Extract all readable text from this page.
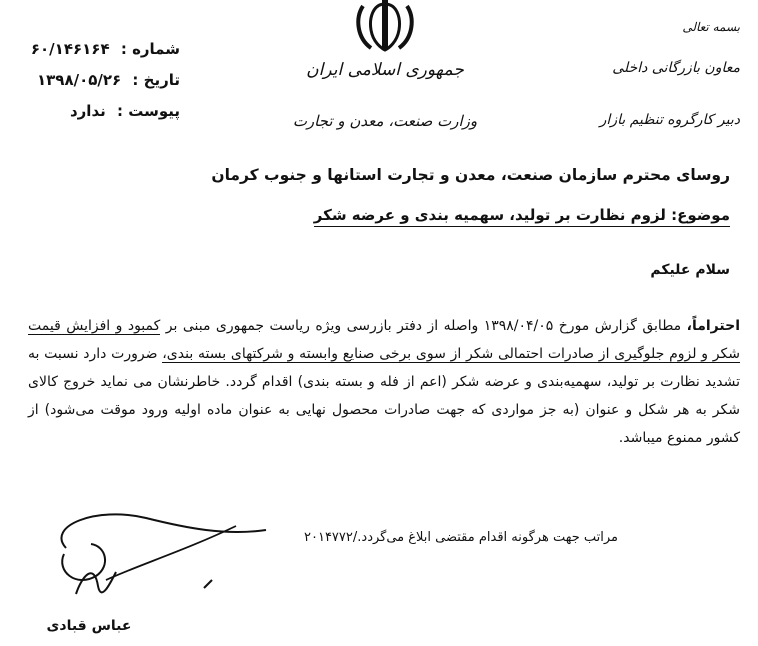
شماره : ۶۰/۱۴۶۱۶۴
تاریخ : ۱۳۹۸/۰۵/۲۶
پیوست : ندارد
جمهوری اسلامی ایران
وزارت صنعت، معدن و تجارت
بسمه تعالی
معاون بازرگانی داخلی
دبیر کارگروه تنظیم بازار
روسای محترم سازمان صنعت، معدن و تجارت استانها و جنوب کرمان
موضوع: لزوم نظارت بر تولید، سهمیه بندی و عرضه شکر
سلام علیکم
احتراماً، مطابق گزارش مورخ ۱۳۹۸/۰۴/۰۵ واصله از دفتر بازرسی ویژه ریاست جمهوری مبنی بر کمبود و افزایش قیمت شکر و لزوم جلوگیری از صادرات احتمالی شکر از سوی برخی صنایع وابسته و شرکتهای بسته بندی، ضرورت دارد نسبت به تشدید نظارت بر تولید، سهمیه‌بندی و عرضه شکر (اعم از فله و بسته بندی) اقدام گردد. خاطرنشان می نماید خروج کالای شکر به هر شکل و عنوان (به جز مواردی که جهت صادرات محصول نهایی به عنوان ماده اولیه ورود موقت می‌شود) از کشور ممنوع میباشد.
مراتب جهت هرگونه اقدام مقتضی ابلاغ می‌گردد./۲۰۱۴۷۷۲
عباس قبادی
